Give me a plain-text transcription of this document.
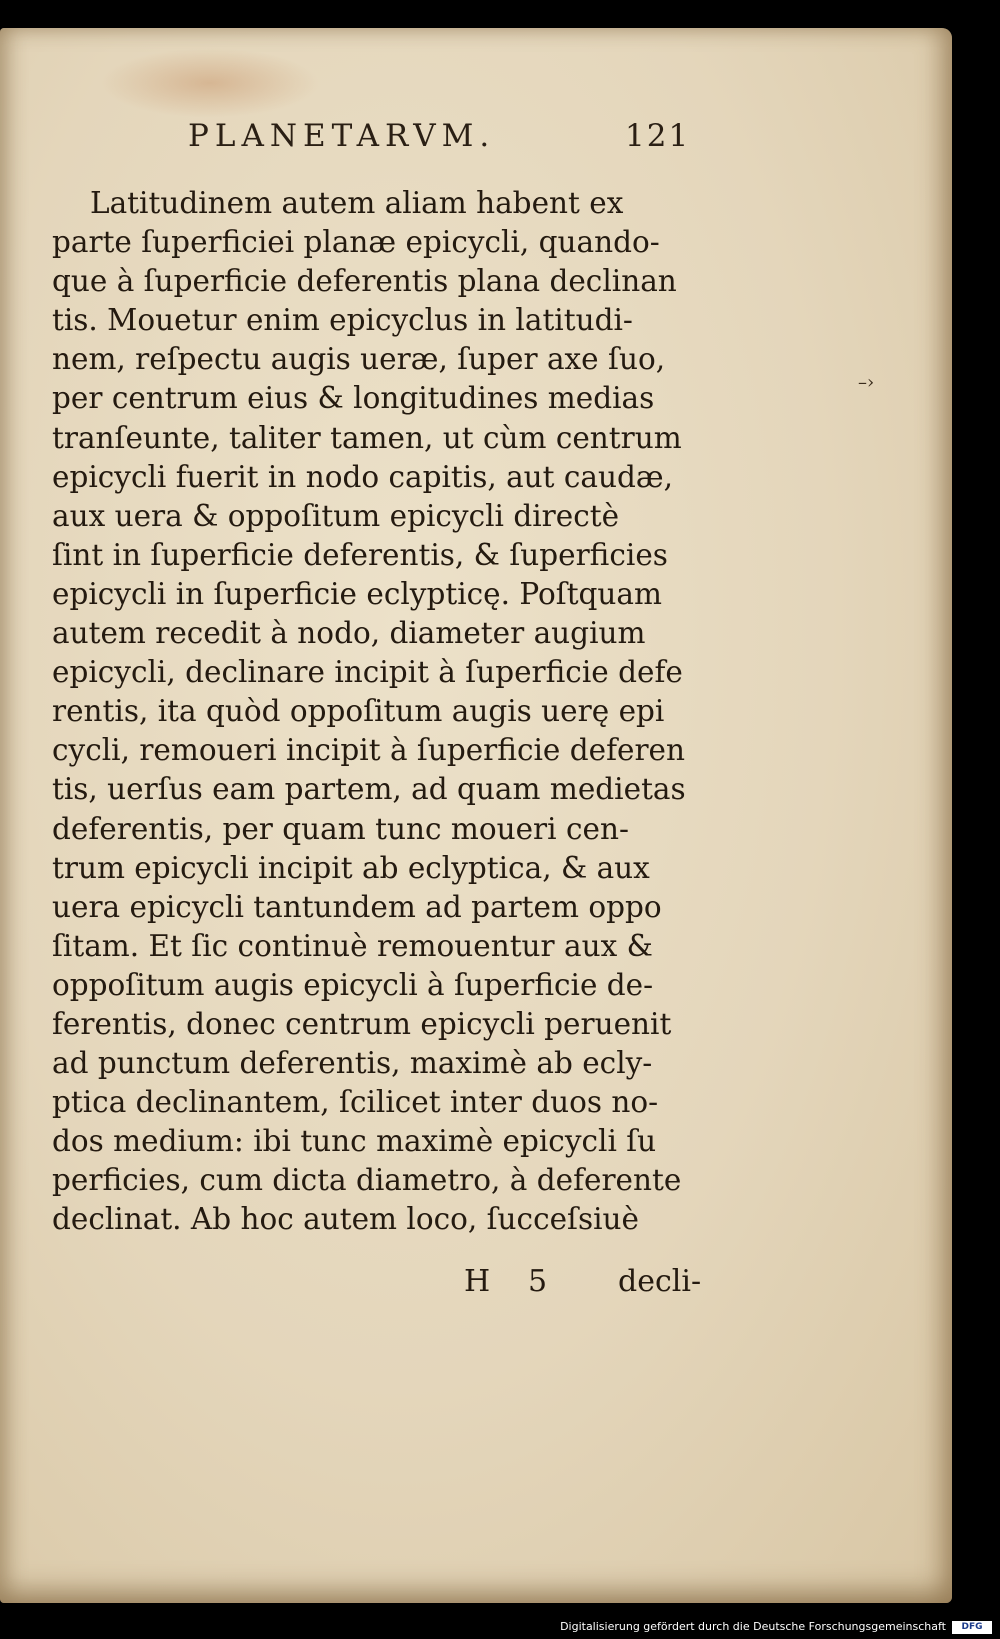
PLANETARVM.	121
Latitudinem autem aliam habent ex
parte ſuperficiei planæ epicycli, quando-
que à ſuperficie deferentis plana declinan
tis. Mouetur enim epicyclus in latitudi-
nem, reſpectu augis ueræ, ſuper axe ſuo,
per centrum eius & longitudines medias
tranſeunte, taliter tamen, ut cùm centrum
epicycli fuerit in nodo capitis, aut caudæ,
aux uera & oppoſitum epicycli directè
ſint in ſuperficie deferentis, & ſuperficies
epicycli in ſuperficie eclypticę. Poſtquam
autem recedit à nodo, diameter augium
epicycli, declinare incipit à ſuperficie defe
rentis, ita quòd oppoſitum augis uerę epi
cycli, remoueri incipit à ſuperficie deferen
tis, uerſus eam partem, ad quam medietas
deferentis, per quam tunc moueri cen-
trum epicycli incipit ab eclyptica, & aux
uera epicycli tantundem ad partem oppo
ſitam. Et ſic continuè remouentur aux &
oppoſitum augis epicycli à ſuperficie de-
ferentis, donec centrum epicycli peruenit
ad punctum deferentis, maximè ab ecly-
ptica declinantem, ſcilicet inter duos no-
dos medium: ibi tunc maximè epicycli ſu
perficies, cum dicta diametro, à deferente
declinat. Ab hoc autem loco, ſucceſsiuè
H 5 decli-
–›
Digitalisierung gefördert durch die Deutsche Forschungsgemeinschaft	DFG
